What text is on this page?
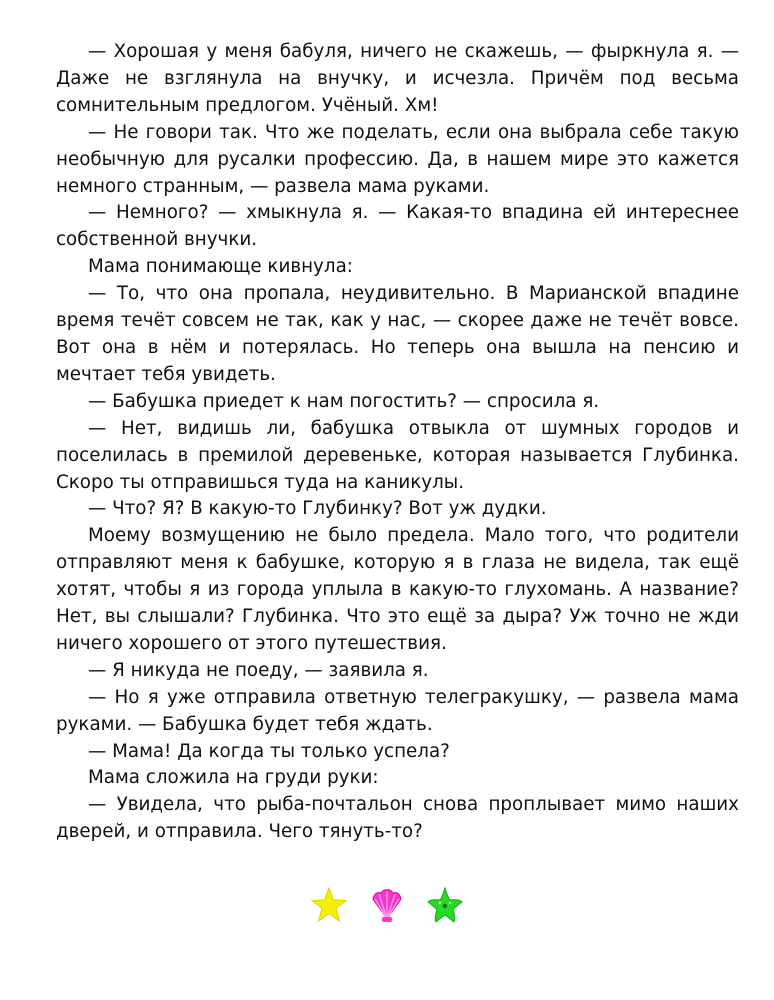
— Хорошая у меня бабуля, ничего не скажешь, — фыркнула я. — Даже не взглянула на внучку, и исчезла. Причём под весьма сомнительным предлогом. Учёный. Хм!

— Не говори так. Что же поделать, если она выбрала себе такую необычную для русалки профессию. Да, в нашем мире это кажется немного странным, — развела мама руками.

— Немного? — хмыкнула я. — Какая-то впадина ей интереснее собственной внучки.

Мама понимающе кивнула:

— То, что она пропала, неудивительно. В Марианской впадине время течёт совсем не так, как у нас, — скорее даже не течёт вовсе. Вот она в нём и потерялась. Но теперь она вышла на пенсию и мечтает тебя увидеть.

— Бабушка приедет к нам погостить? — спросила я.

— Нет, видишь ли, бабушка отвыкла от шумных городов и поселилась в премилой деревеньке, которая называется Глубинка. Скоро ты отправишься туда на каникулы.

— Что? Я? В какую-то Глубинку? Вот уж дудки.

Моему возмущению не было предела. Мало того, что родители отправляют меня к бабушке, которую я в глаза не видела, так ещё хотят, чтобы я из города уплыла в какую-то глухомань. А название? Нет, вы слышали? Глубинка. Что это ещё за дыра? Уж точно не жди ничего хорошего от этого путешествия.

— Я никуда не поеду, — заявила я.

— Но я уже отправила ответную телегракушку, — развела мама руками. — Бабушка будет тебя ждать.

— Мама! Да когда ты только успела?

Мама сложила на груди руки:

— Увидела, что рыба-почтальон снова проплывает мимо наших дверей, и отправила. Чего тянуть-то?
